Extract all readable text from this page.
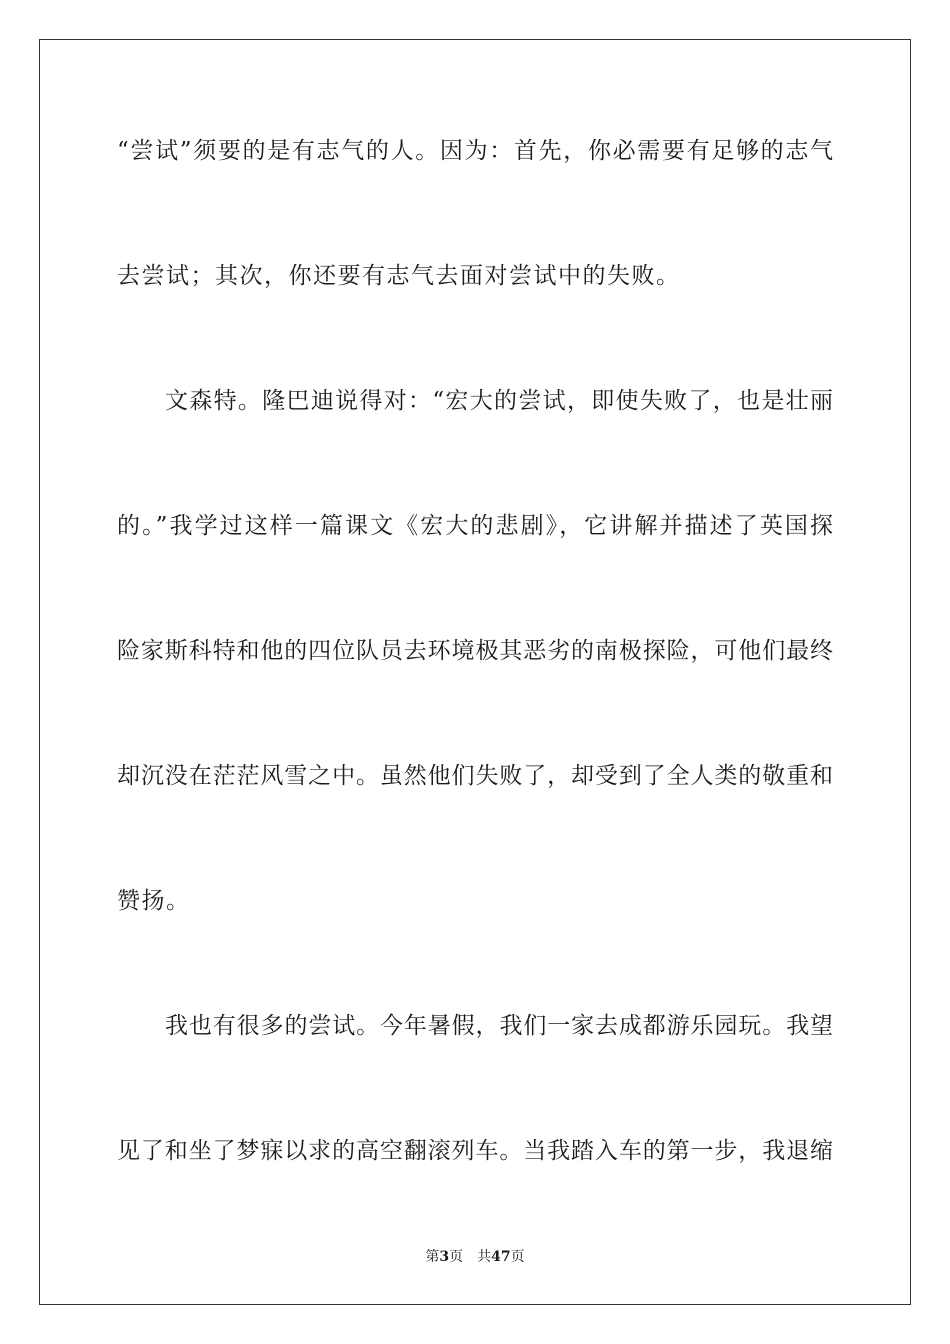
“尝试”须要的是有志气的人。因为：首先，你必需要有足够的志气
去尝试；其次，你还要有志气去面对尝试中的失败。
文森特。隆巴迪说得对：“宏大的尝试，即使失败了，也是壮丽
的。”我学过这样一篇课文《宏大的悲剧》，它讲解并描述了英国探
险家斯科特和他的四位队员去环境极其恶劣的南极探险，可他们最终
却沉没在茫茫风雪之中。虽然他们失败了，却受到了全人类的敬重和
赞扬。
我也有很多的尝试。今年暑假，我们一家去成都游乐园玩。我望
见了和坐了梦寐以求的高空翻滚列车。当我踏入车的第一步，我退缩
第3页 共47页
